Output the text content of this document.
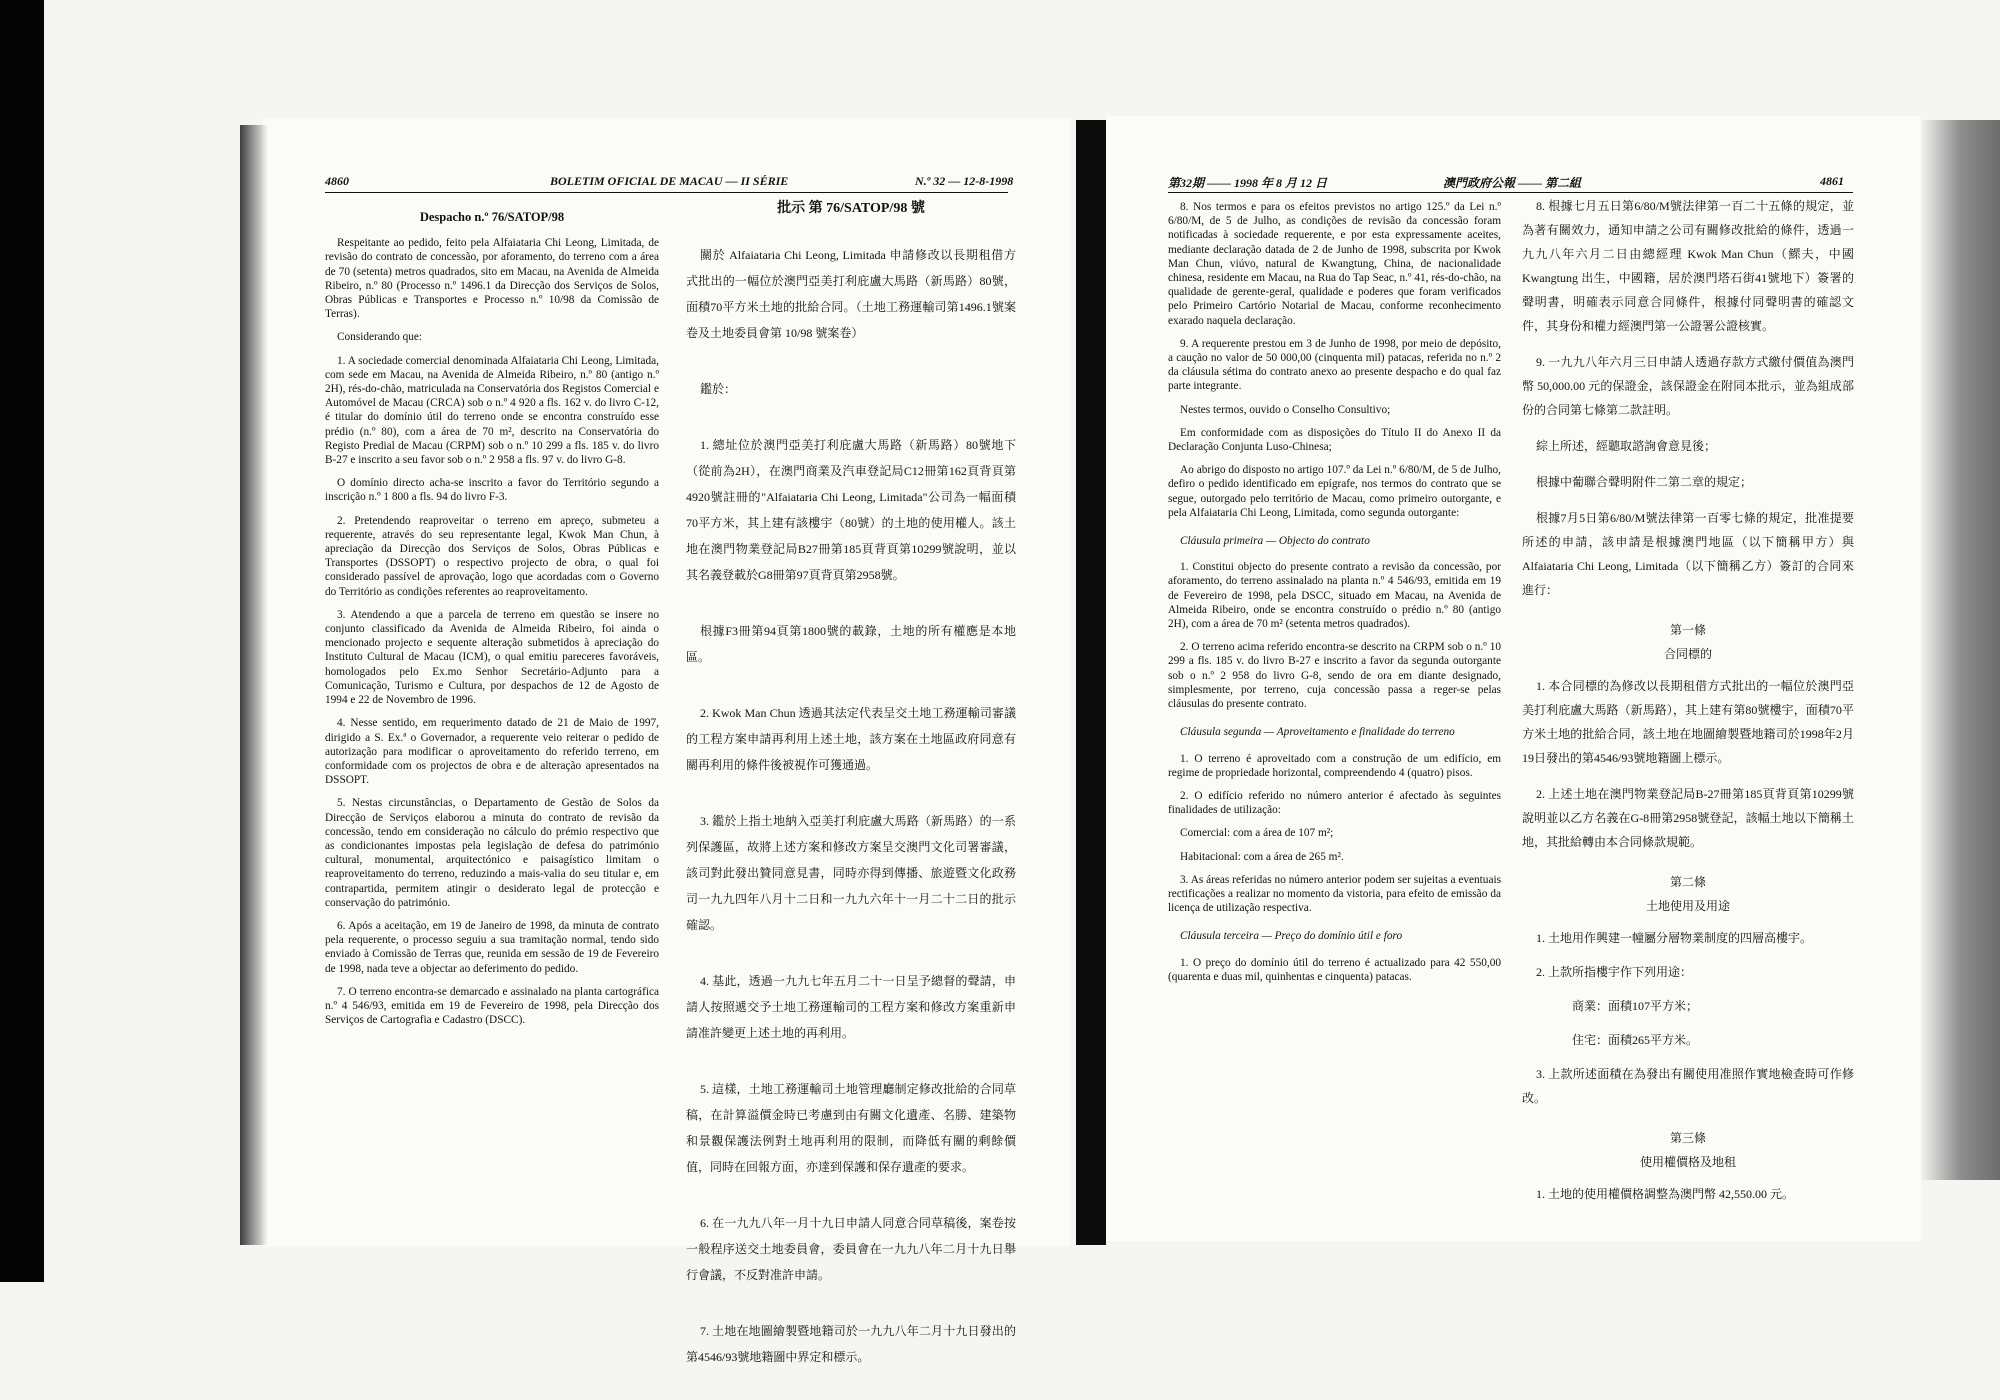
4860	BOLETIM OFICIAL DE MACAU — II SÉRIE	N.º 32 — 12-8-1998

Despacho n.º 76/SATOP/98

Respeitante ao pedido, feito pela Alfaiataria Chi Leong, Limitada, de revisão do contrato de concessão, por aforamento, do terreno com a área de 70 (setenta) metros quadrados, sito em Macau, na Avenida de Almeida Ribeiro, n.º 80 (Processo n.º 1496.1 da Direcção dos Serviços de Solos, Obras Públicas e Transportes e Processo n.º 10/98 da Comissão de Terras).

Considerando que:

1. A sociedade comercial denominada Alfaiataria Chi Leong, Limitada, com sede em Macau, na Avenida de Almeida Ribeiro, n.º 80 (antigo n.º 2H), rés-do-chão, matriculada na Conservatória dos Registos Comercial e Automóvel de Macau (CRCA) sob o n.º 4 920 a fls. 162 v. do livro C-12, é titular do domínio útil do terreno onde se encontra construído esse prédio (n.º 80), com a área de 70 m², descrito na Conservatória do Registo Predial de Macau (CRPM) sob o n.º 10 299 a fls. 185 v. do livro B-27 e inscrito a seu favor sob o n.º 2 958 a fls. 97 v. do livro G-8.

O domínio directo acha-se inscrito a favor do Território segundo a inscrição n.º 1 800 a fls. 94 do livro F-3.

2. Pretendendo reaproveitar o terreno em apreço, submeteu a requerente, através do seu representante legal, Kwok Man Chun, à apreciação da Direcção dos Serviços de Solos, Obras Públicas e Transportes (DSSOPT) o respectivo projecto de obra, o qual foi considerado passível de aprovação, logo que acordadas com o Governo do Território as condições referentes ao reaproveitamento.

3. Atendendo a que a parcela de terreno em questão se insere no conjunto classificado da Avenida de Almeida Ribeiro, foi ainda o mencionado projecto e sequente alteração submetidos à apreciação do Instituto Cultural de Macau (ICM), o qual emitiu pareceres favoráveis, homologados pelo Ex.mo Senhor Secretário-Adjunto para a Comunicação, Turismo e Cultura, por despachos de 12 de Agosto de 1994 e 22 de Novembro de 1996.

4. Nesse sentido, em requerimento datado de 21 de Maio de 1997, dirigido a S. Ex.ª o Governador, a requerente veio reiterar o pedido de autorização para modificar o aproveitamento do referido terreno, em conformidade com os projectos de obra e de alteração apresentados na DSSOPT.

5. Nestas circunstâncias, o Departamento de Gestão de Solos da Direcção de Serviços elaborou a minuta do contrato de revisão da concessão, tendo em consideração no cálculo do prémio respectivo que as condicionantes impostas pela legislação de defesa do património cultural, monumental, arquitectónico e paisagístico limitam o reaproveitamento do terreno, reduzindo a mais-valia do seu titular e, em contrapartida, permitem atingir o desiderato legal de protecção e conservação do património.

6. Após a aceitação, em 19 de Janeiro de 1998, da minuta de contrato pela requerente, o processo seguiu a sua tramitação normal, tendo sido enviado à Comissão de Terras que, reunida em sessão de 19 de Fevereiro de 1998, nada teve a objectar ao deferimento do pedido.

7. O terreno encontra-se demarcado e assinalado na planta cartográfica n.º 4 546/93, emitida em 19 de Fevereiro de 1998, pela Direcção dos Serviços de Cartografia e Cadastro (DSCC).

批示 第 76/SATOP/98 號

關於 Alfaiataria Chi Leong, Limitada 申請修改以長期租借方式批出的一幅位於澳門亞美打利庇盧大馬路（新馬路）80號，面積70平方米土地的批給合同。（土地工務運輸司第1496.1號案卷及土地委員會第 10/98 號案卷）

鑑於：

1. 總址位於澳門亞美打利庇盧大馬路（新馬路）80號地下（從前為2H），在澳門商業及汽車登記局C12冊第162頁背頁第4920號註冊的"Alfaiataria Chi Leong, Limitada"公司為一幅面積70平方米，其上建有該樓宇（80號）的土地的使用權人。該土地在澳門物業登記局B27冊第185頁背頁第10299號說明，並以其名義登載於G8冊第97頁背頁第2958號。

根據F3冊第94頁第1800號的載錄，土地的所有權應是本地區。

2. Kwok Man Chun 透過其法定代表呈交土地工務運輸司審議的工程方案申請再利用上述土地，該方案在土地區政府同意有關再利用的條件後被視作可獲通過。

3. 鑑於上指土地納入亞美打利庇盧大馬路（新馬路）的一系列保護區，故將上述方案和修改方案呈交澳門文化司署審議，該司對此發出贊同意見書，同時亦得到傳播、旅遊暨文化政務司一九九四年八月十二日和一九九六年十一月二十二日的批示確認。

4. 基此，透過一九九七年五月二十一日呈予總督的聲請，申請人按照遞交予土地工務運輸司的工程方案和修改方案重新申請准許變更上述土地的再利用。

5. 這樣，土地工務運輸司土地管理廳制定修改批給的合同草稿，在計算溢價金時已考慮到由有關文化遺產、名勝、建築物和景觀保護法例對土地再利用的限制，而降低有關的剩餘價值，同時在回報方面，亦達到保護和保存遺產的要求。

6. 在一九九八年一月十九日申請人同意合同草稿後，案卷按一般程序送交土地委員會，委員會在一九九八年二月十九日舉行會議，不反對准許申請。

7. 土地在地圖繪製暨地籍司於一九九八年二月十九日發出的第4546/93號地籍圖中界定和標示。

第32期 —— 1998 年 8 月 12 日	澳門政府公報 —— 第二組	4861

8. Nos termos e para os efeitos previstos no artigo 125.º da Lei n.º 6/80/M, de 5 de Julho, as condições de revisão da concessão foram notificadas à sociedade requerente, e por esta expressamente aceites, mediante declaração datada de 2 de Junho de 1998, subscrita por Kwok Man Chun, viúvo, natural de Kwangtung, China, de nacionalidade chinesa, residente em Macau, na Rua do Tap Seac, n.º 41, rés-do-chão, na qualidade de gerente-geral, qualidade e poderes que foram verificados pelo Primeiro Cartório Notarial de Macau, conforme reconhecimento exarado naquela declaração.

9. A requerente prestou em 3 de Junho de 1998, por meio de depósito, a caução no valor de 50 000,00 (cinquenta mil) patacas, referida no n.º 2 da cláusula sétima do contrato anexo ao presente despacho e do qual faz parte integrante.

Nestes termos, ouvido o Conselho Consultivo;

Em conformidade com as disposições do Título II do Anexo II da Declaração Conjunta Luso-Chinesa;

Ao abrigo do disposto no artigo 107.º da Lei n.º 6/80/M, de 5 de Julho, defiro o pedido identificado em epígrafe, nos termos do contrato que se segue, outorgado pelo território de Macau, como primeiro outorgante, e pela Alfaiataria Chi Leong, Limitada, como segunda outorgante:

Cláusula primeira — Objecto do contrato

1. Constitui objecto do presente contrato a revisão da concessão, por aforamento, do terreno assinalado na planta n.º 4 546/93, emitida em 19 de Fevereiro de 1998, pela DSCC, situado em Macau, na Avenida de Almeida Ribeiro, onde se encontra construído o prédio n.º 80 (antigo 2H), com a área de 70 m² (setenta metros quadrados).

2. O terreno acima referido encontra-se descrito na CRPM sob o n.º 10 299 a fls. 185 v. do livro B-27 e inscrito a favor da segunda outorgante sob o n.º 2 958 do livro G-8, sendo de ora em diante designado, simplesmente, por terreno, cuja concessão passa a reger-se pelas cláusulas do presente contrato.

Cláusula segunda — Aproveitamento e finalidade do terreno

1. O terreno é aproveitado com a construção de um edifício, em regime de propriedade horizontal, compreendendo 4 (quatro) pisos.

2. O edifício referido no número anterior é afectado às seguintes finalidades de utilização:

Comercial: com a área de 107 m²;

Habitacional: com a área de 265 m².

3. As áreas referidas no número anterior podem ser sujeitas a eventuais rectificações a realizar no momento da vistoria, para efeito de emissão da licença de utilização respectiva.

Cláusula terceira — Preço do domínio útil e foro

1. O preço do domínio útil do terreno é actualizado para 42 550,00 (quarenta e duas mil, quinhentas e cinquenta) patacas.

8. 根據七月五日第6/80/M號法律第一百二十五條的規定，並為著有關效力，通知申請之公司有關修改批給的條件，透過一九九八年六月二日由總經理 Kwok Man Chun（鰥夫，中國 Kwangtung 出生，中國籍，居於澳門塔石街41號地下）簽署的聲明書，明確表示同意合同條件，根據付同聲明書的確認文件，其身份和權力經澳門第一公證署公證核實。

9. 一九九八年六月三日申請人透過存款方式繳付價值為澳門幣 50,000.00 元的保證金，該保證金在附同本批示，並為組成部份的合同第七條第二款註明。

綜上所述，經聽取諮詢會意見後；

根據中葡聯合聲明附件二第二章的規定；

根據7月5日第6/80/M號法律第一百零七條的規定，批准提要所述的申請，該申請是根據澳門地區（以下簡稱甲方）與 Alfaiataria Chi Leong, Limitada（以下簡稱乙方）簽訂的合同來進行：

第一條

合同標的

1. 本合同標的為修改以長期租借方式批出的一幅位於澳門亞美打利庇盧大馬路（新馬路），其上建有第80號樓宇，面積70平方米土地的批給合同，該土地在地圖繪製暨地籍司於1998年2月19日發出的第4546/93號地籍圖上標示。

2. 上述土地在澳門物業登記局B-27冊第185頁背頁第10299號說明並以乙方名義在G-8冊第2958號登記，該幅土地以下簡稱土地，其批給轉由本合同條款規範。

第二條

土地使用及用途

1. 土地用作興建一幢屬分層物業制度的四層高樓宇。

2. 上款所指樓宇作下列用途：

商業：面積107平方米；

住宅：面積265平方米。

3. 上款所述面積在為發出有關使用准照作實地檢查時可作修改。

第三條

使用權價格及地租

1. 土地的使用權價格調整為澳門幣 42,550.00 元。
